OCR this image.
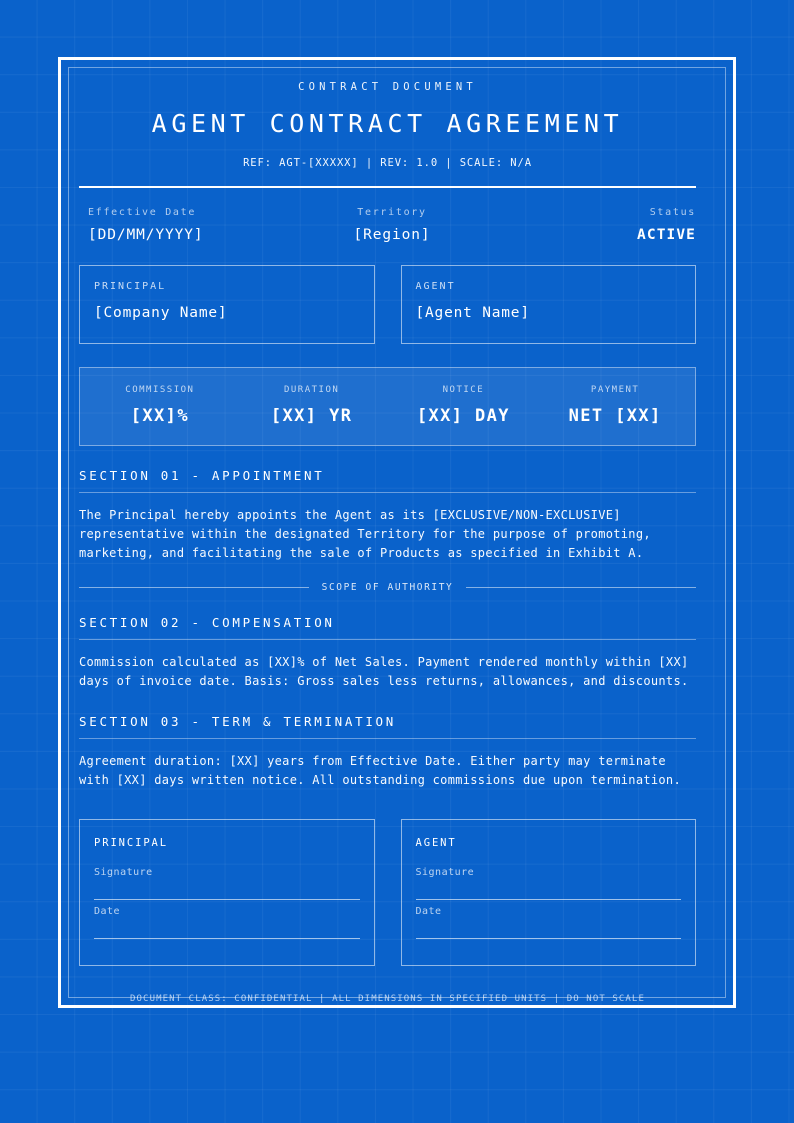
CONTRACT DOCUMENT
AGENT CONTRACT AGREEMENT
REF: AGT-[XXXXX] | REV: 1.0 | SCALE: N/A
Effective Date
[DD/MM/YYYY]
Territory
[Region]
Status
ACTIVE
PRINCIPAL
[Company Name]
AGENT
[Agent Name]
COMMISSION
[XX]%
DURATION
[XX] YR
NOTICE
[XX] DAY
PAYMENT
NET [XX]
SECTION 01 - APPOINTMENT
The Principal hereby appoints the Agent as its [EXCLUSIVE/NON-EXCLUSIVE] representative within the designated Territory for the purpose of promoting, marketing, and facilitating the sale of Products as specified in Exhibit A.
SCOPE OF AUTHORITY
SECTION 02 - COMPENSATION
Commission calculated as [XX]% of Net Sales. Payment rendered monthly within [XX] days of invoice date. Basis: Gross sales less returns, allowances, and discounts.
SECTION 03 - TERM & TERMINATION
Agreement duration: [XX] years from Effective Date. Either party may terminate with [XX] days written notice. All outstanding commissions due upon termination.
PRINCIPAL
Signature
Date
AGENT
Signature
Date
DOCUMENT CLASS: CONFIDENTIAL | ALL DIMENSIONS IN SPECIFIED UNITS | DO NOT SCALE
